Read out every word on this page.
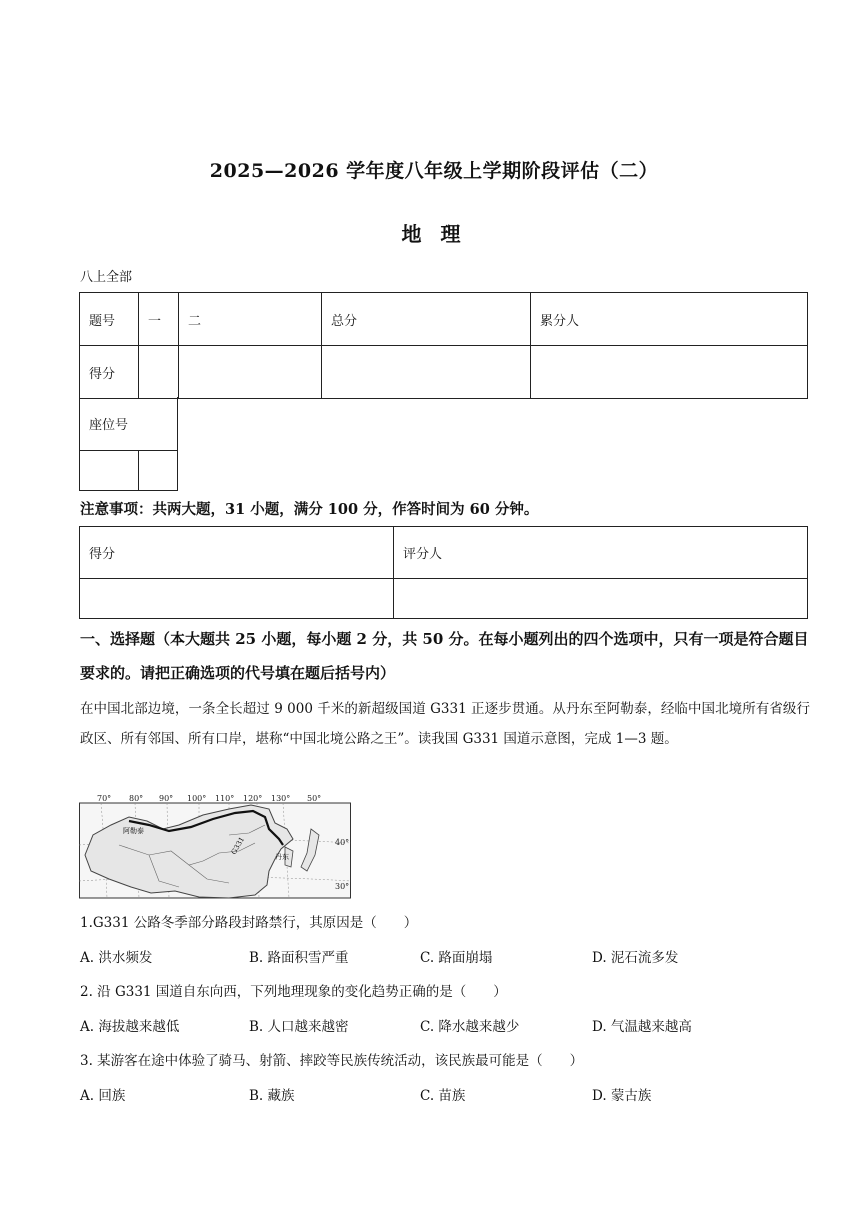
2025—2026 学年度八年级上学期阶段评估（二）
地 理
八上全部
题号	一	二	总分	累分人
得分				
座位号

注意事项：共两大题，31 小题，满分 100 分，作答时间为 60 分钟。
得分	评分人

一、选择题（本大题共 25 小题，每小题 2 分，共 50 分。在每小题列出的四个选项中，只有一项是符合题目要求的。请把正确选项的代号填在题后括号内）
在中国北部边境，一条全长超过 9 000 千米的新超级国道 G331 正逐步贯通。从丹东至阿勒泰，经临中国北境所有省级行政区、所有邻国、所有口岸，堪称“中国北境公路之王”。读我国 G331 国道示意图，完成 1—3 题。
70° 80° 90° 100° 110° 120° 130° 50°
40°
30°
阿勒泰
G331
丹东
1.G331 公路冬季部分路段封路禁行，其原因是（　　）
A. 洪水频发	B. 路面积雪严重	C. 路面崩塌	D. 泥石流多发
2. 沿 G331 国道自东向西，下列地理现象的变化趋势正确的是（　　）
A. 海拔越来越低	B. 人口越来越密	C. 降水越来越少	D. 气温越来越高
3. 某游客在途中体验了骑马、射箭、摔跤等民族传统活动，该民族最可能是（　　）
A. 回族	B. 藏族	C. 苗族	D. 蒙古族
